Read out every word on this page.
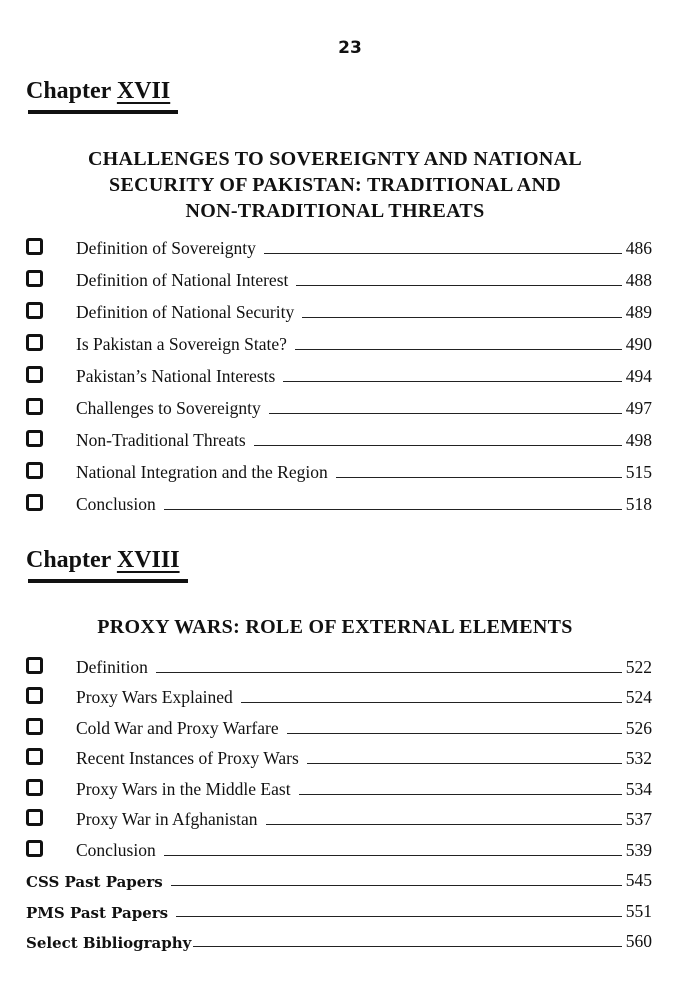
23
Chapter XVII
CHALLENGES TO SOVEREIGNTY AND NATIONAL
SECURITY OF PAKISTAN: TRADITIONAL AND
NON-TRADITIONAL THREATS
Definition of Sovereignty	486
Definition of National Interest	488
Definition of National Security	489
Is Pakistan a Sovereign State?	490
Pakistan’s National Interests	494
Challenges to Sovereignty	497
Non-Traditional Threats	498
National Integration and the Region	515
Conclusion	518
Chapter XVIII
PROXY WARS: ROLE OF EXTERNAL ELEMENTS
Definition	522
Proxy Wars Explained	524
Cold War and Proxy Warfare	526
Recent Instances of Proxy Wars	532
Proxy Wars in the Middle East	534
Proxy War in Afghanistan	537
Conclusion	539
CSS Past Papers	545
PMS Past Papers	551
Select Bibliography	560
